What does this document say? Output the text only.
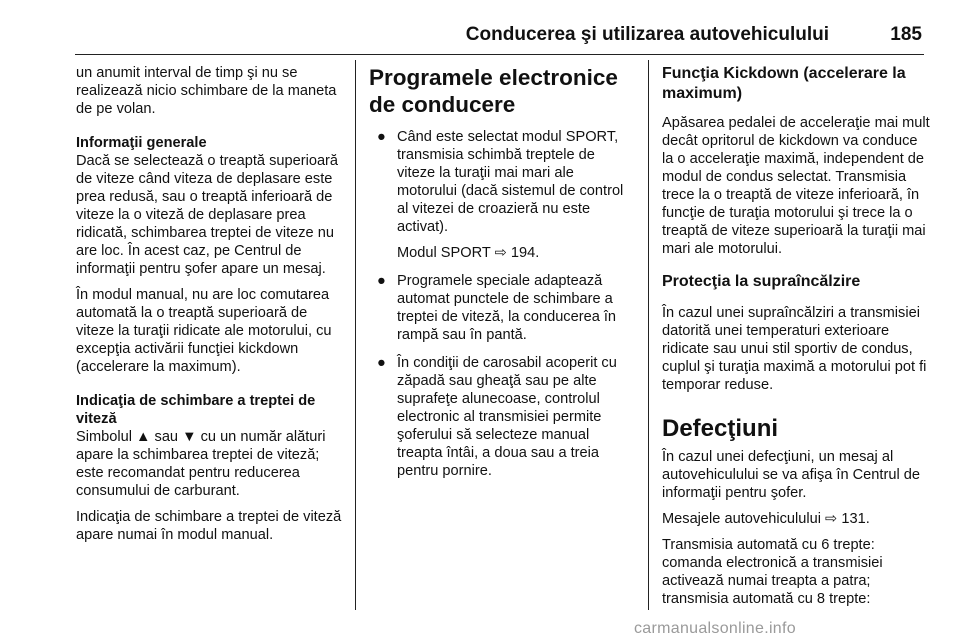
Conducerea şi utilizarea autovehiculului	185

un anumit interval de timp şi nu se realizează nicio schimbare de la maneta de pe volan.

Informaţii generale

Dacă se selectează o treaptă superioară de viteze când viteza de deplasare este prea redusă, sau o treaptă inferioară de viteze la o viteză de deplasare prea ridicată, schimbarea treptei de viteze nu are loc. În acest caz, pe Centrul de informaţii pentru şofer apare un mesaj.

În modul manual, nu are loc comutarea automată la o treaptă superioară de viteze la turaţii ridicate ale motorului, cu excepţia activării funcţiei kickdown (accelerare la maximum).

Indicaţia de schimbare a treptei de viteză

Simbolul ▲ sau ▼ cu un număr alături apare la schimbarea treptei de viteză; este recomandat pentru reducerea consumului de carburant.

Indicaţia de schimbare a treptei de viteză apare numai în modul manual.

Programele electronice de conducere
● Când este selectat modul SPORT, transmisia schimbă treptele de viteze la turaţii mai mari ale motorului (dacă sistemul de control al vitezei de croazieră nu este activat).

Modul SPORT ⇨ 194.

● Programele speciale adaptează automat punctele de schimbare a treptei de viteză, la conducerea în rampă sau în pantă.

● În condiţii de carosabil acoperit cu zăpadă sau gheaţă sau pe alte suprafeţe alunecoase, controlul electronic al transmisiei permite şoferului să selecteze manual treapta întâi, a doua sau a treia pentru pornire.

Funcţia Kickdown (accelerare la maximum)

Apăsarea pedalei de acceleraţie mai mult decât opritorul de kickdown va conduce la o acceleraţie maximă, independent de modul de condus selectat. Transmisia trece la o treaptă de viteze inferioară, în funcţie de turaţia motorului şi trece la o treaptă de viteze superioară la turaţii mai mari ale motorului.

Protecţia la supraîncălzire

În cazul unei supraîncălziri a transmisiei datorită unei temperaturi exterioare ridicate sau unui stil sportiv de condus, cuplul şi turaţia maximă a motorului pot fi temporar reduse.

Defecţiuni

În cazul unei defecţiuni, un mesaj al autovehiculului se va afişa în Centrul de informaţii pentru şofer.

Mesajele autovehiculului ⇨ 131.

Transmisia automată cu 6 trepte: comanda electronică a transmisiei activează numai treapta a patra; transmisia automată cu 8 trepte:

carmanualsonline.info
